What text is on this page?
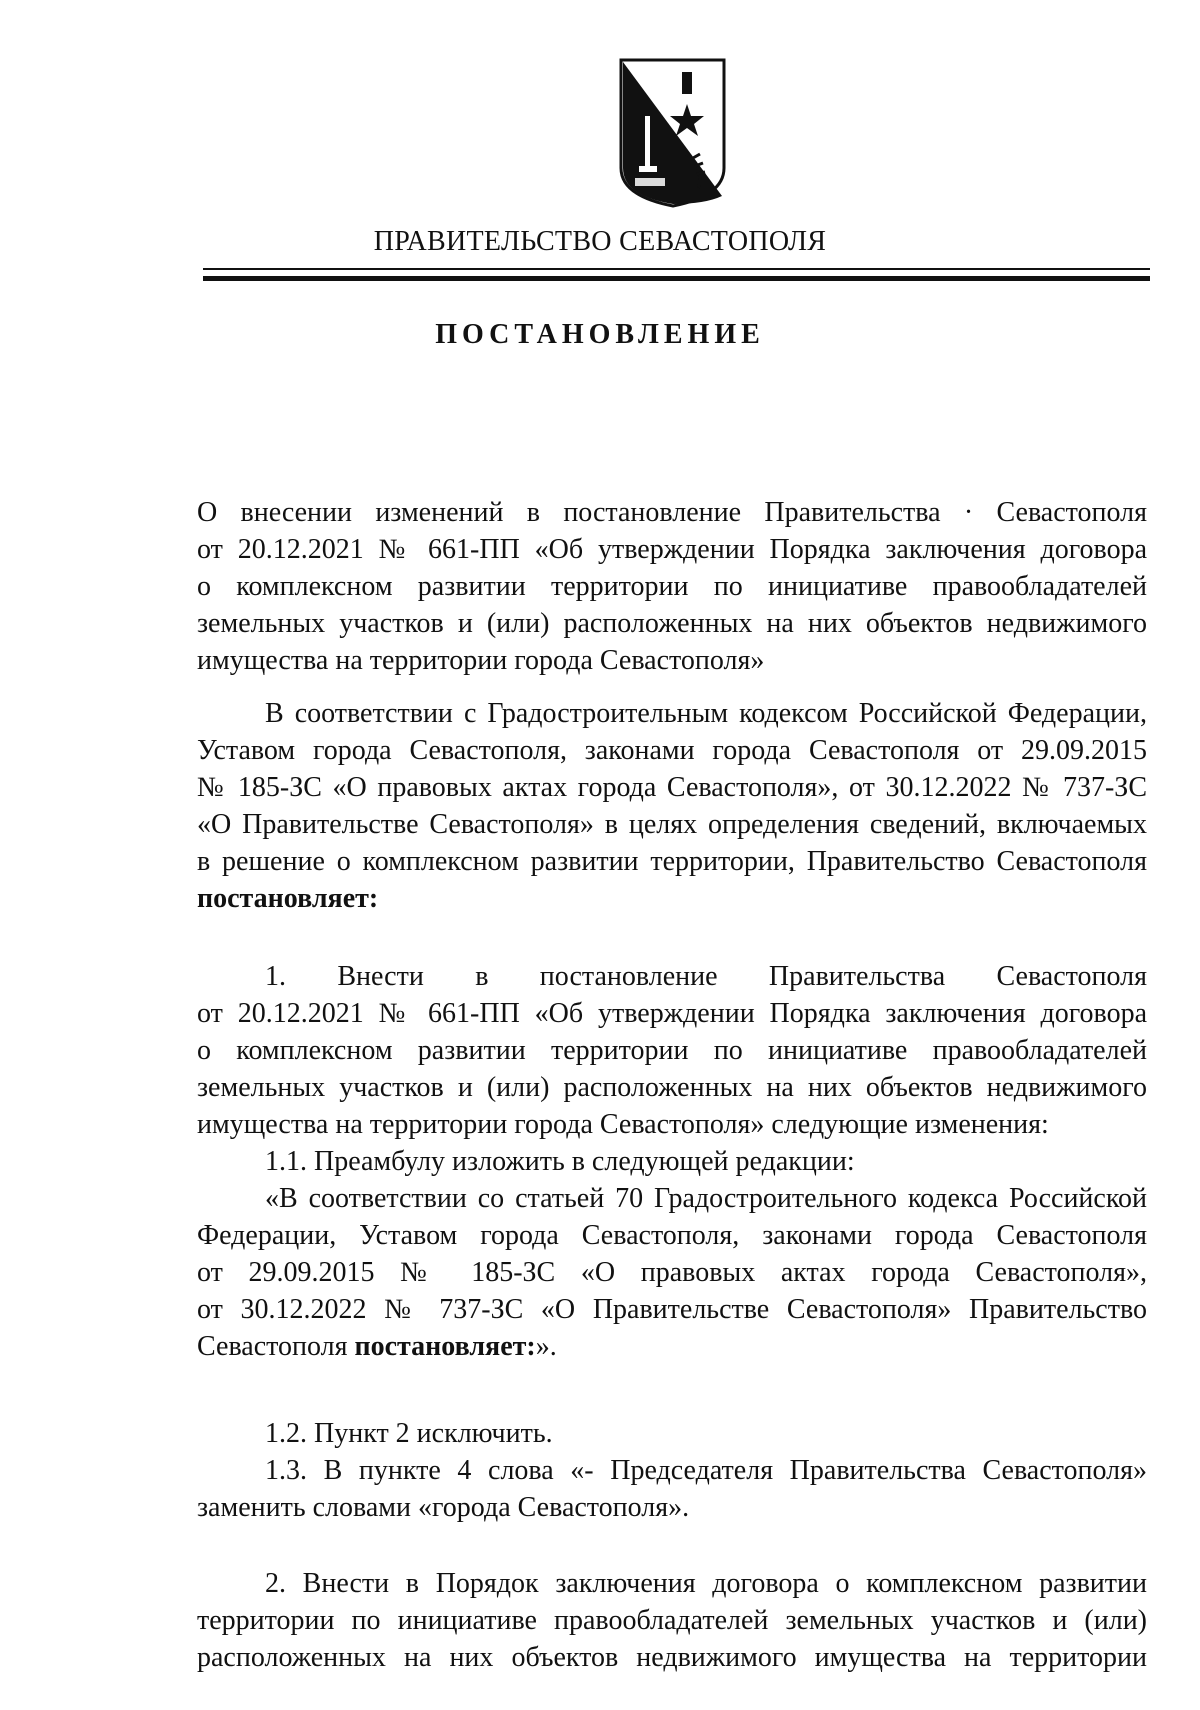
ПРАВИТЕЛЬСТВО СЕВАСТОПОЛЯ
ПОСТАНОВЛЕНИЕ
О внесении изменений в постановление Правительства · Севастополя
от 20.12.2021 № 661-ПП «Об утверждении Порядка заключения договора
о комплексном развитии территории по инициативе правообладателей
земельных участков и (или) расположенных на них объектов недвижимого
имущества на территории города Севастополя»
В соответствии с Градостроительным кодексом Российской Федерации,
Уставом города Севастополя, законами города Севастополя от 29.09.2015
№ 185-ЗС «О правовых актах города Севастополя», от 30.12.2022 № 737-ЗС
«О Правительстве Севастополя» в целях определения сведений, включаемых
в решение о комплексном развитии территории, Правительство Севастополя
постановляет:
1. Внести в постановление Правительства Севастополя
от 20.12.2021 № 661-ПП «Об утверждении Порядка заключения договора
о комплексном развитии территории по инициативе правообладателей
земельных участков и (или) расположенных на них объектов недвижимого
имущества на территории города Севастополя» следующие изменения:
1.1. Преамбулу изложить в следующей редакции:
«В соответствии со статьей 70 Градостроительного кодекса Российской
Федерации, Уставом города Севастополя, законами города Севастополя
от 29.09.2015 № 185-ЗС «О правовых актах города Севастополя»,
от 30.12.2022 № 737-ЗС «О Правительстве Севастополя» Правительство
Севастополя постановляет:».
1.2. Пункт 2 исключить.
1.3. В пункте 4 слова «- Председателя Правительства Севастополя»
заменить словами «города Севастополя».
2. Внести в Порядок заключения договора о комплексном развитии
территории по инициативе правообладателей земельных участков и (или)
расположенных на них объектов недвижимого имущества на территории
